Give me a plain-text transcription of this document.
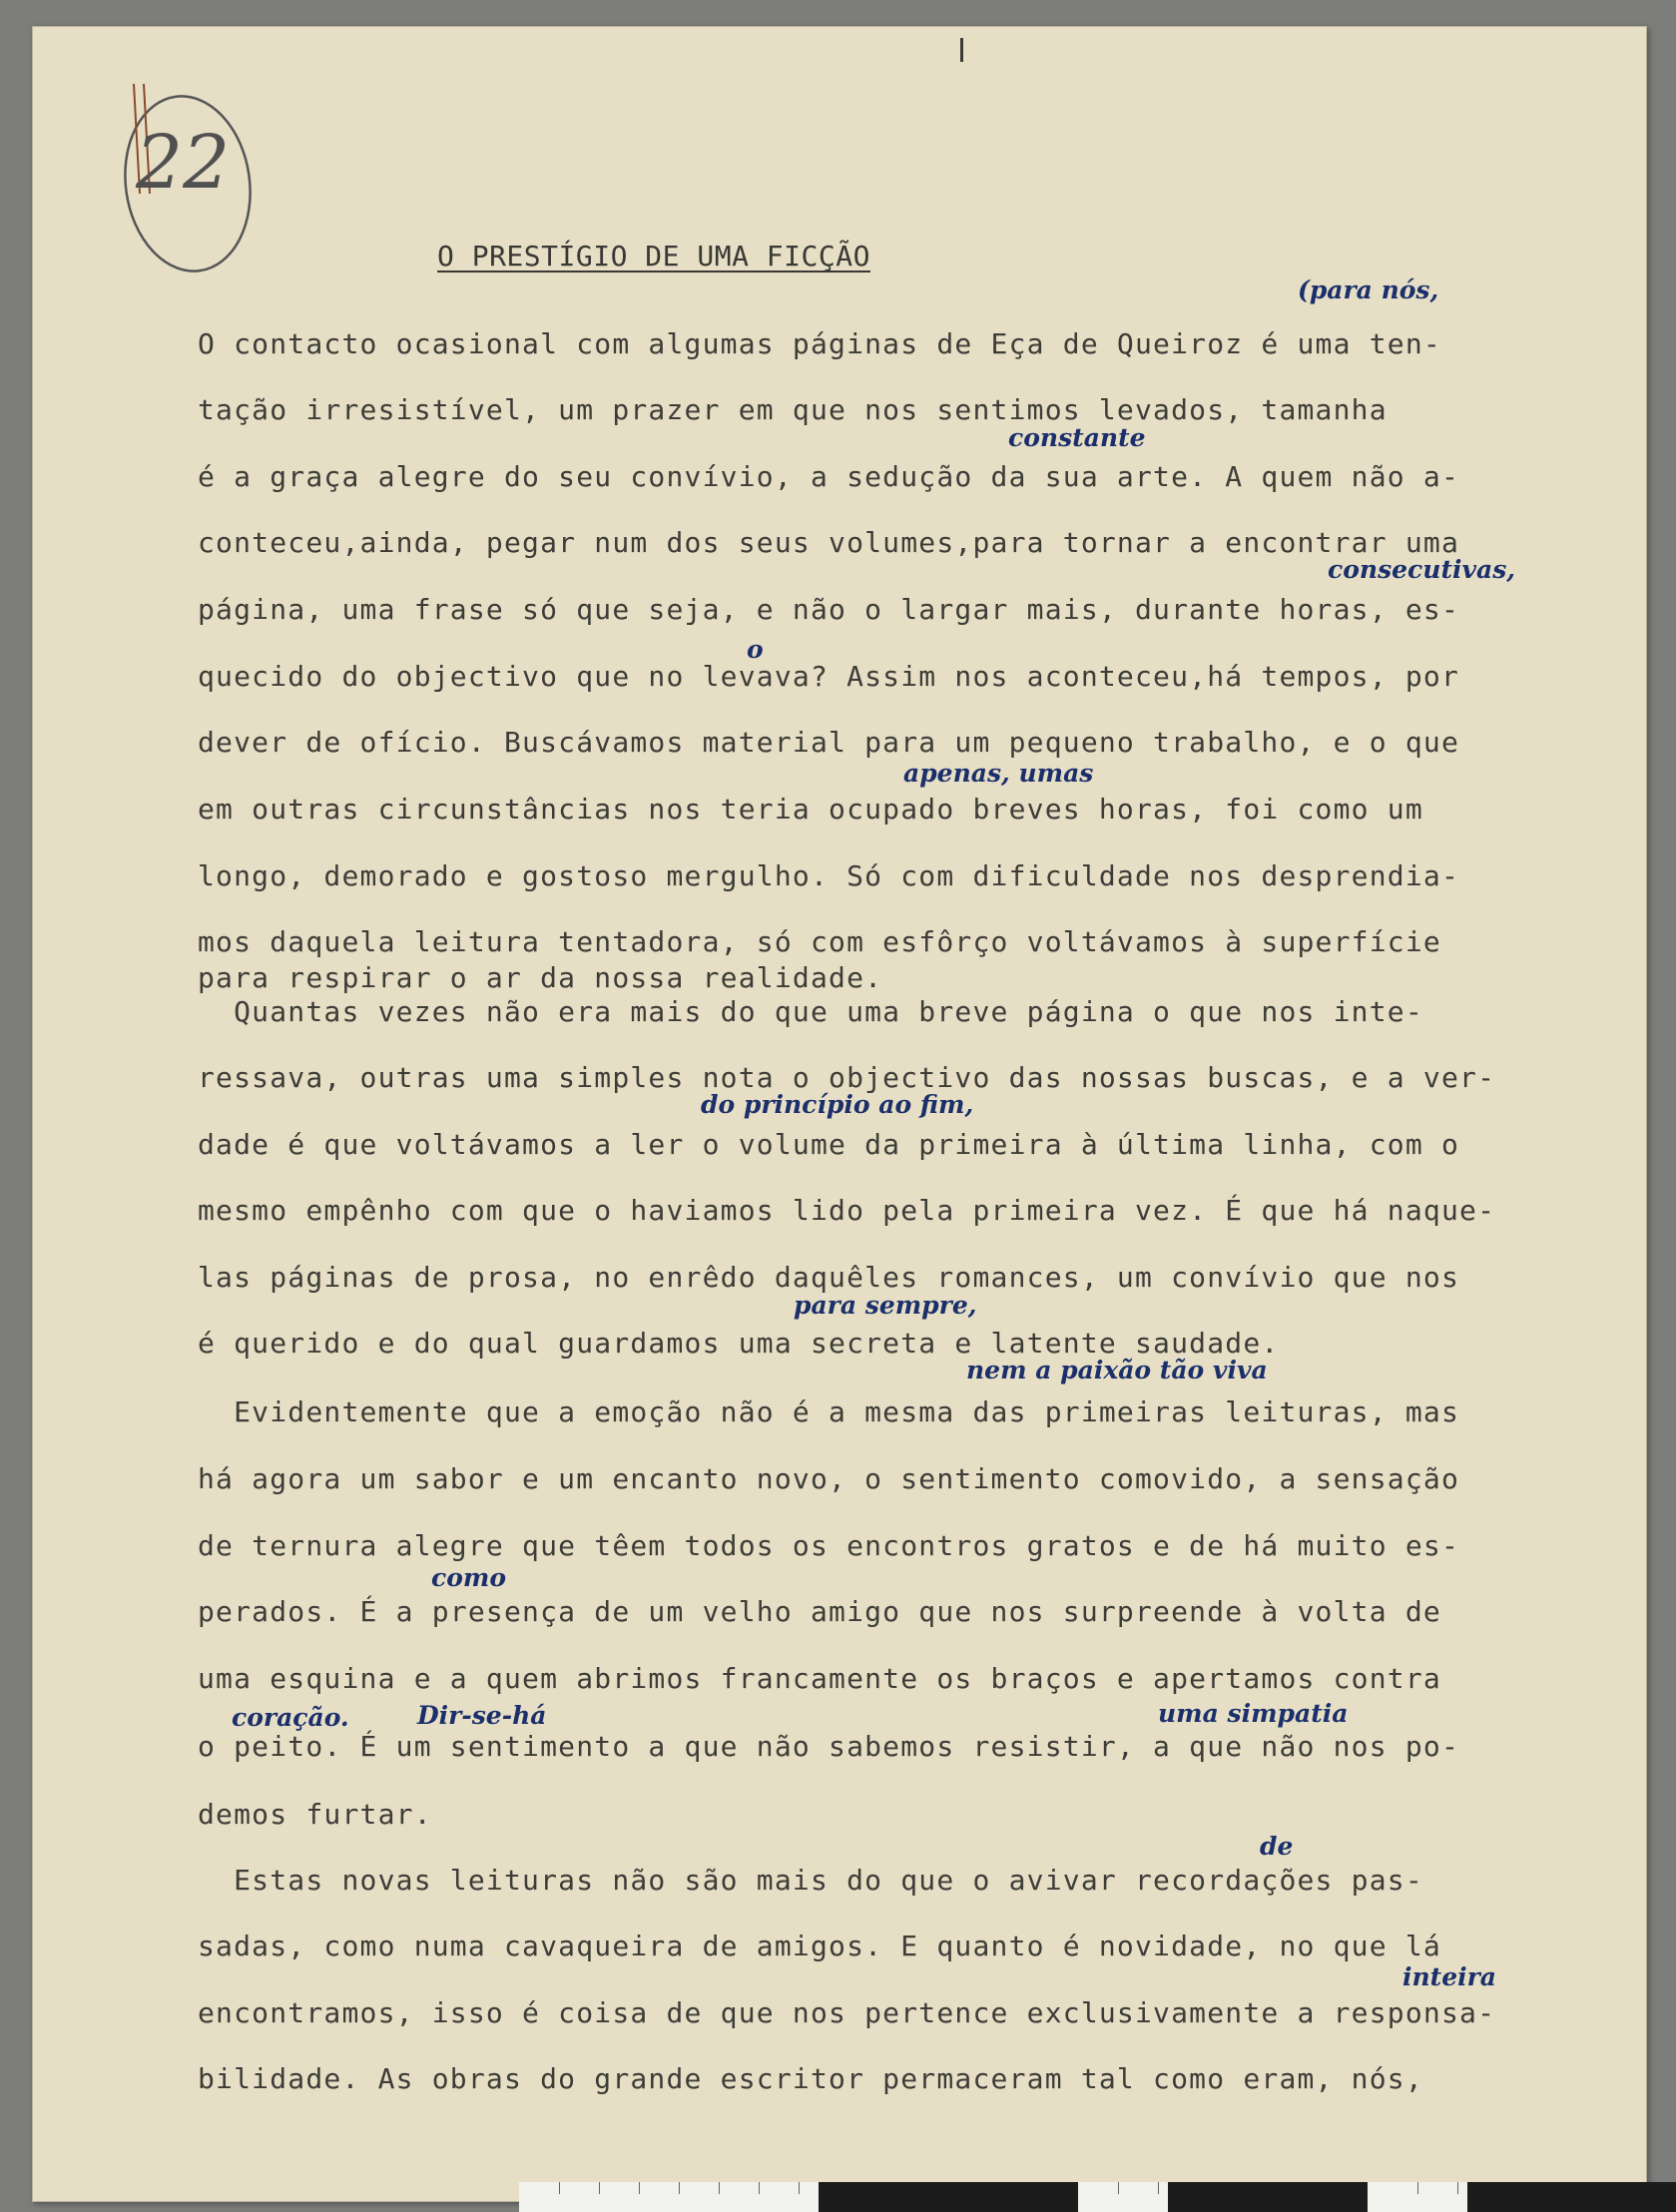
22
O PRESTÍGIO DE UMA FICÇÃO
O contacto ocasional com algumas páginas de Eça de Queiroz é uma ten-
tação irresistível, um prazer em que nos sentimos levados, tamanha
é a graça alegre do seu convívio, a sedução da sua arte. A quem não a-
conteceu,ainda, pegar num dos seus volumes,para tornar a encontrar uma
página, uma frase só que seja, e não o largar mais, durante horas, es-
quecido do objectivo que no levava? Assim nos aconteceu,há tempos, por
dever de ofício. Buscávamos material para um pequeno trabalho, e o que
em outras circunstâncias nos teria ocupado breves horas, foi como um
longo, demorado e gostoso mergulho. Só com dificuldade nos desprendia-
mos daquela leitura tentadora, só com esfôrço voltávamos à superfície
para respirar o ar da nossa realidade.
Quantas vezes não era mais do que uma breve página o que nos inte-
ressava, outras uma simples nota o objectivo das nossas buscas, e a ver-
dade é que voltávamos a ler o volume da primeira à última linha, com o
mesmo empênho com que o haviamos lido pela primeira vez. É que há naque-
las páginas de prosa, no enrêdo daquêles romances, um convívio que nos
é querido e do qual guardamos uma secreta e latente saudade.
Evidentemente que a emoção não é a mesma das primeiras leituras, mas
há agora um sabor e um encanto novo, o sentimento comovido, a sensação
de ternura alegre que têem todos os encontros gratos e de há muito es-
perados. É a presença de um velho amigo que nos surpreende à volta de
uma esquina e a quem abrimos francamente os braços e apertamos contra
o peito. É um sentimento a que não sabemos resistir, a que não nos po-
demos furtar.
Estas novas leituras não são mais do que o avivar recordações pas-
sadas, como numa cavaqueira de amigos. E quanto é novidade, no que lá
encontramos, isso é coisa de que nos pertence exclusivamente a responsa-
bilidade. As obras do grande escritor permaceram tal como eram, nós,
(para nós,
constante
consecutivas,
o
apenas, umas
do princípio ao fim,
para sempre,
nem a paixão tão viva
como
coração.	Dir-se-há	uma simpatia
de
inteira
